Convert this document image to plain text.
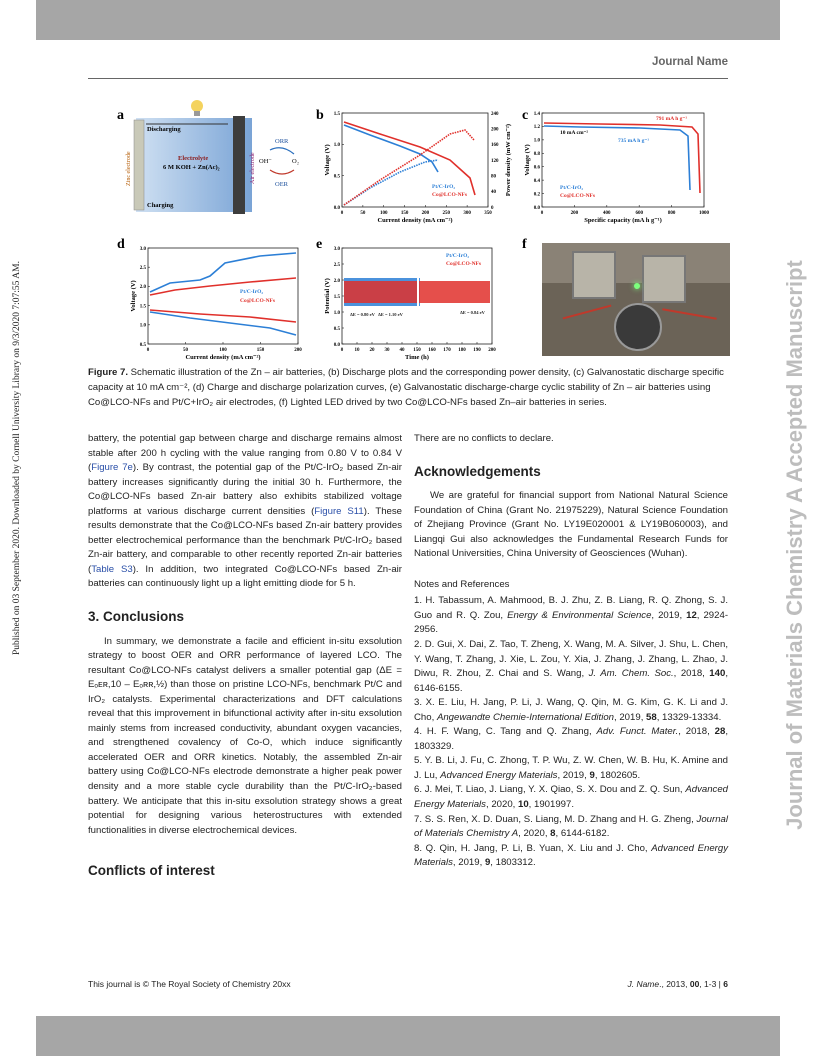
Journal Name
Published on 03 September 2020. Downloaded by Cornell University Library on 9/3/2020 7:07:55 AM.	Journal of Materials Chemistry A Accepted Manuscript
a	b	c
d	e	f
Discharging
Charging
Zinc electrode	Air electrode
Electrolyte
6 M KOH + Zn(Ac)₂
ORR
OH⁻	O₂
OER
0	50	100	150	200	250	300	350
0.0
0.5
1.0
1.5
Current density (mA cm⁻²)
Voltage (V)
0
40
80
120
160
200
240
Power density (mW cm⁻²)
Pt/C-IrO₂
Co@LCO-NFs
0	200	400	600	800	1000
0.0
0.2
0.4
0.6
0.8
1.0
1.2
1.4
Specific capacity (mA h g⁻¹)
Voltage (V)
791 mA h g⁻¹
735 mA h g⁻¹
10 mA cm⁻²
Pt/C-IrO₂
Co@LCO-NFs
0	50	100	150	200
0.5
1.0
1.5
2.0
2.5
3.0
Current density (mA cm⁻²)
Voltage (V)	Pt/C-IrO₂
Co@LCO-NFs
0 10 20 30 40 150 160 170 180 190 200
0.0
0.5
1.0
1.5
2.0
2.5
3.0
Time (h)
Potential (V)
ΔE = 0.80 eV ΔE = 1.10 eV	ΔE = 0.84 eV
Pt/C-IrO₂
Co@LCO-NFs
Figure 7. Schematic illustration of the Zn – air batteries, (b) Discharge plots and the corresponding power density, (c) Galvanostatic discharge specific capacity at 10 mA cm⁻², (d) Charge and discharge polarization curves, (e) Galvanostatic discharge-charge cyclic stability of Zn – air batteries using Co@LCO-NFs and Pt/C+IrO₂ air electrodes, (f) Lighted LED drived by two Co@LCO-NFs based Zn–air batteries in series.

battery, the potential gap between charge and discharge remains almost stable after 200 h cycling with the value ranging from 0.80 V to 0.84 V (Figure 7e). By contrast, the potential gap of the Pt/C-IrO₂ based Zn-air battery increases significantly during the initial 30 h. Furthermore, the Co@LCO-NFs based Zn-air battery also exhibits stabilized voltage platforms at various discharge current densities (Figure S11). These results demonstrate that the Co@LCO-NFs based Zn-air battery provides better electrochemical performance than the benchmark Pt/C-IrO₂ based Zn-air battery, and comparable to other recently reported Zn-air batteries (Table S3). In addition, two integrated Co@LCO-NFs based Zn-air batteries can continuously light up a light emitting diode for 5 h.

3. Conclusions

In summary, we demonstrate a facile and efficient in-situ exsolution strategy to boost OER and ORR performance of layered LCO. The resultant Co@LCO-NFs catalyst delivers a smaller potential gap (ΔE = Eₒᴇʀ,10 – Eₒʀʀ,½) than those on pristine LCO-NFs, benchmark Pt/C and IrO₂ catalysts. Experimental characterizations and DFT calculations reveal that this improvement in bifunctional activity after in-situ exsolution mainly stems from increased conductivity, abundant oxygen vacancies, and strengthened covalency of Co-O, which induce significantly accelerated OER and ORR kinetics. Notably, the assembled Zn-air battery using Co@LCO-NFs electrode demonstrate a higher peak power density and a more stable cycle durability than the Pt/C-IrO₂-based battery. We anticipate that this in-situ exsolution strategy shows a great potential for designing various heterostructures with extended functionalities in diverse electrochemical devices.

Conflicts of interest

There are no conflicts to declare.

Acknowledgements

We are grateful for financial support from National Natural Science Foundation of China (Grant No. 21975229), Natural Science Foundation of Zhejiang Province (Grant No. LY19E020001 & LY19B060003), and Liangqi Gui also acknowledges the Fundamental Research Funds for National Universities, China University of Geosciences (Wuhan).

Notes and References

1. H. Tabassum, A. Mahmood, B. J. Zhu, Z. B. Liang, R. Q. Zhong, S. J. Guo and R. Q. Zou, Energy & Environmental Science, 2019, 12, 2924-2956.

2. D. Gui, X. Dai, Z. Tao, T. Zheng, X. Wang, M. A. Silver, J. Shu, L. Chen, Y. Wang, T. Zhang, J. Xie, L. Zou, Y. Xia, J. Zhang, J. Zhang, L. Zhao, J. Diwu, R. Zhou, Z. Chai and S. Wang, J. Am. Chem. Soc., 2018, 140, 6146-6155.

3. X. E. Liu, H. Jang, P. Li, J. Wang, Q. Qin, M. G. Kim, G. K. Li and J. Cho, Angewandte Chemie-International Edition, 2019, 58, 13329-13334.

4. H. F. Wang, C. Tang and Q. Zhang, Adv. Funct. Mater., 2018, 28, 1803329.

5. Y. B. Li, J. Fu, C. Zhong, T. P. Wu, Z. W. Chen, W. B. Hu, K. Amine and J. Lu, Advanced Energy Materials, 2019, 9, 1802605.

6. J. Mei, T. Liao, J. Liang, Y. X. Qiao, S. X. Dou and Z. Q. Sun, Advanced Energy Materials, 2020, 10, 1901997.

7. S. S. Ren, X. D. Duan, S. Liang, M. D. Zhang and H. G. Zheng, Journal of Materials Chemistry A, 2020, 8, 6144-6182.

8. Q. Qin, H. Jang, P. Li, B. Yuan, X. Liu and J. Cho, Advanced Energy Materials, 2019, 9, 1803312.

This journal is © The Royal Society of Chemistry 20xx	J. Name., 2013, 00, 1-3 | 6
